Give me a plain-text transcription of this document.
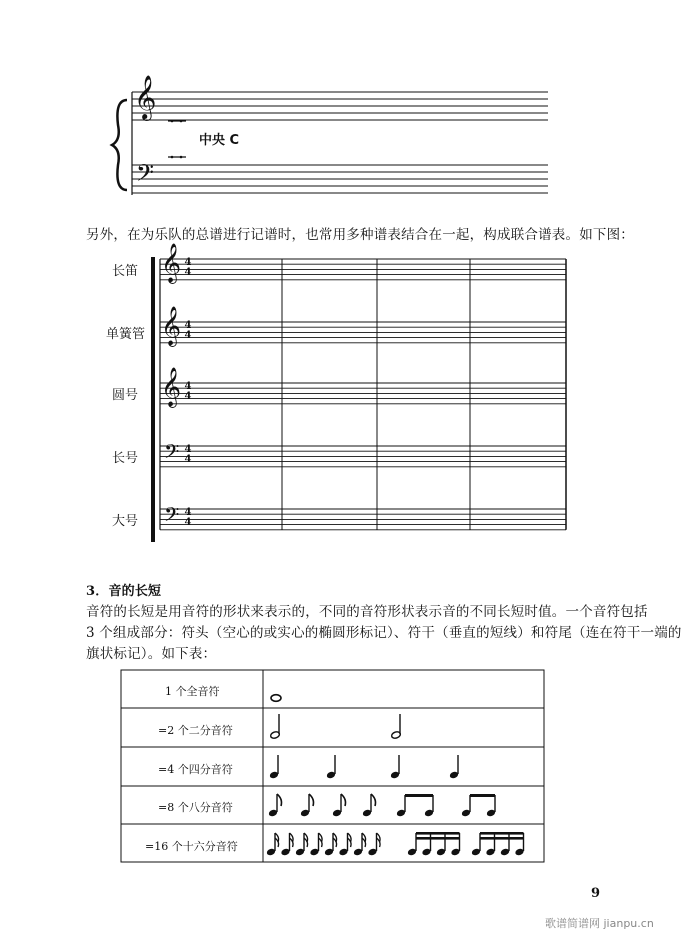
𝄞
𝄢
中央 C
另外，在为乐队的总谱进行记谱时，也常用多种谱表结合在一起，构成联合谱表。如下图：
𝄞 4
4
长笛
𝄞 4
4
单簧管
𝄞 4
4
圆号
𝄢 4
4
长号
𝄢 4
4
大号
3．音的长短
音符的长短是用音符的形状来表示的，不同的音符形状表示音的不同长短时值。一个音符包括
3 个组成部分：符头（空心的或实心的椭圆形标记）、符干（垂直的短线）和符尾（连在符干一端的
旗状标记）。如下表：
1 个全音符
=2 个二分音符
=4 个四分音符
=8 个八分音符
=16 个十六分音符
9
歌谱简谱网 jianpu.cn
